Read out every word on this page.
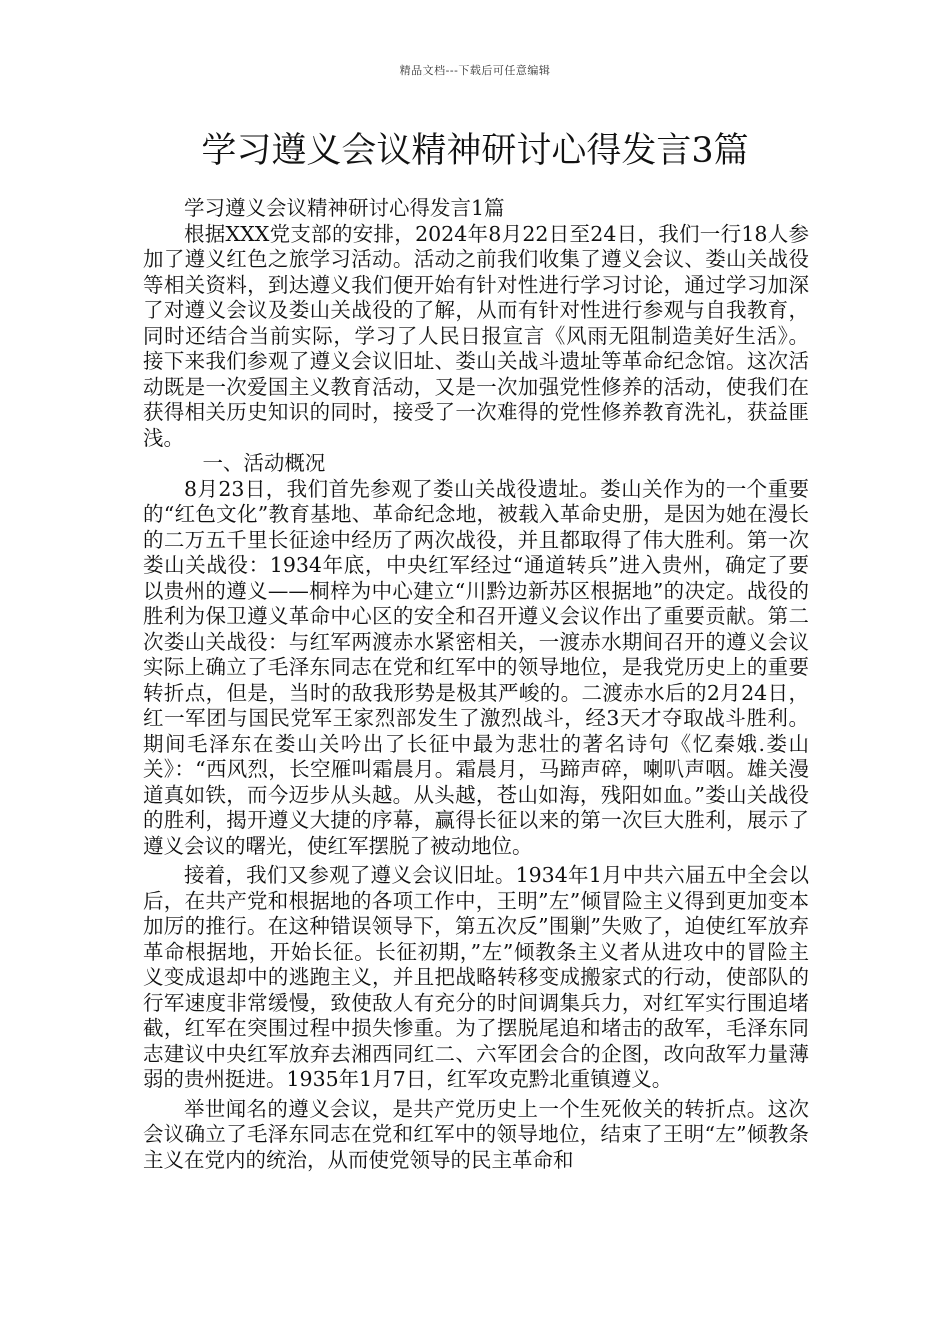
精品文档---下载后可任意编辑
学习遵义会议精神研讨心得发言3篇

学习遵义会议精神研讨心得发言1篇

根据XXX党支部的安排，2024年8月22日至24日，我们一行18人参加了遵义红色之旅学习活动。活动之前我们收集了遵义会议、娄山关战役等相关资料，到达遵义我们便开始有针对性进行学习讨论，通过学习加深了对遵义会议及娄山关战役的了解，从而有针对性进行参观与自我教育，同时还结合当前实际，学习了人民日报宣言《风雨无阻制造美好生活》。接下来我们参观了遵义会议旧址、娄山关战斗遗址等革命纪念馆。这次活动既是一次爱国主义教育活动，又是一次加强党性修养的活动，使我们在获得相关历史知识的同时，接受了一次难得的党性修养教育洗礼，获益匪浅。

一、活动概况

8月23日，我们首先参观了娄山关战役遗址。娄山关作为的一个重要的“红色文化”教育基地、革命纪念地，被载入革命史册，是因为她在漫长的二万五千里长征途中经历了两次战役，并且都取得了伟大胜利。第一次娄山关战役：1934年底，中央红军经过“通道转兵”进入贵州，确定了要以贵州的遵义——桐梓为中心建立“川黔边新苏区根据地”的决定。战役的胜利为保卫遵义革命中心区的安全和召开遵义会议作出了重要贡献。第二次娄山关战役：与红军两渡赤水紧密相关，一渡赤水期间召开的遵义会议实际上确立了毛泽东同志在党和红军中的领导地位，是我党历史上的重要转折点，但是，当时的敌我形势是极其严峻的。二渡赤水后的2月24日，红一军团与国民党军王家烈部发生了激烈战斗，经3天才夺取战斗胜利。期间毛泽东在娄山关吟出了长征中最为悲壮的著名诗句《忆秦娥.娄山关》：“西风烈，长空雁叫霜晨月。霜晨月，马蹄声碎，喇叭声咽。雄关漫道真如铁，而今迈步从头越。从头越，苍山如海，残阳如血。”娄山关战役的胜利，揭开遵义大捷的序幕，赢得长征以来的第一次巨大胜利，展示了遵义会议的曙光，使红军摆脱了被动地位。

接着，我们又参观了遵义会议旧址。1934年1月中共六届五中全会以后，在共产党和根据地的各项工作中，王明”左”倾冒险主义得到更加变本加厉的推行。在这种错误领导下，第五次反”围剿”失败了，迫使红军放弃革命根据地，开始长征。长征初期，”左”倾教条主义者从进攻中的冒险主义变成退却中的逃跑主义，并且把战略转移变成搬家式的行动，使部队的行军速度非常缓慢，致使敌人有充分的时间调集兵力，对红军实行围追堵截，红军在突围过程中损失惨重。为了摆脱尾追和堵击的敌军，毛泽东同志建议中央红军放弃去湘西同红二、六军团会合的企图，改向敌军力量薄弱的贵州挺进。1935年1月7日，红军攻克黔北重镇遵义。

举世闻名的遵义会议，是共产党历史上一个生死攸关的转折点。这次会议确立了毛泽东同志在党和红军中的领导地位，结束了王明“左”倾教条主义在党内的统治，从而使党领导的民主革命和
